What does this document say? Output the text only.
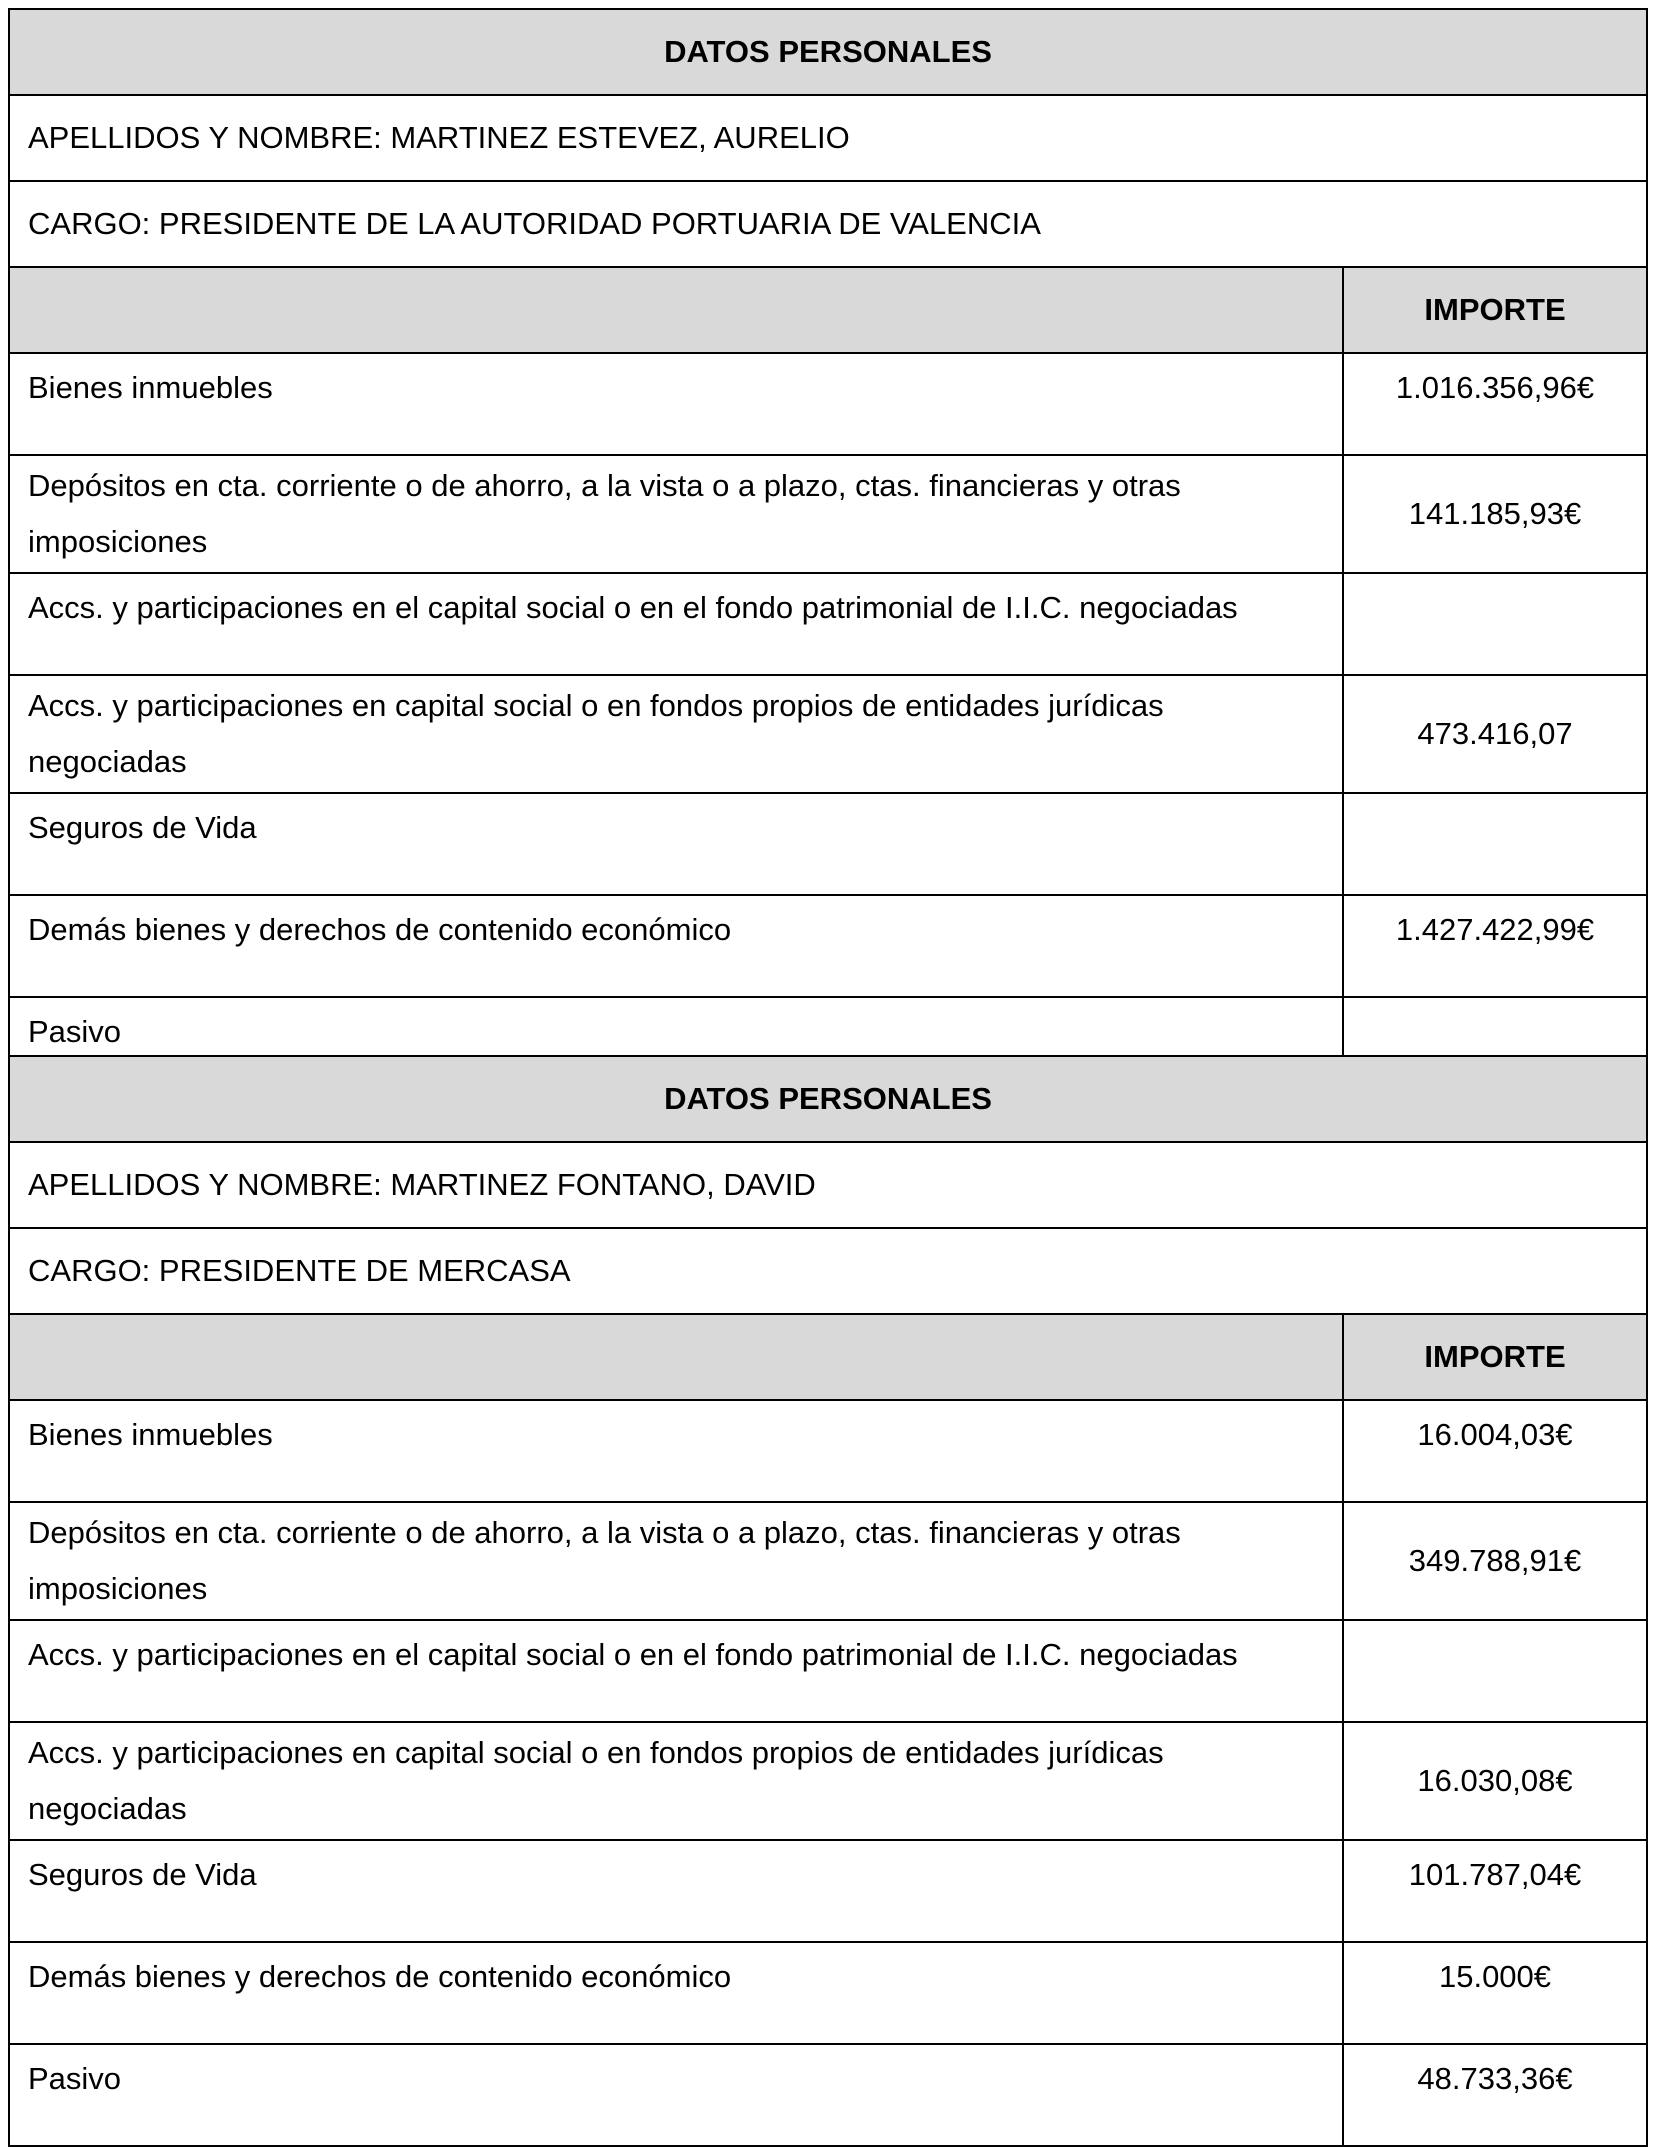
DATOS PERSONALES	
APELLIDOS Y NOMBRE: MARTINEZ ESTEVEZ, AURELIO	
CARGO: PRESIDENTE DE LA AUTORIDAD PORTUARIA DE VALENCIA	
	IMPORTE
Bienes inmuebles	1.016.356,96€
Depósitos en cta. corriente o de ahorro, a la vista o a plazo, ctas. financieras y otras imposiciones	141.185,93€
Accs. y participaciones en el capital social o en el fondo patrimonial de I.I.C. negociadas	
Accs. y participaciones en capital social o en fondos propios de entidades jurídicas negociadas	473.416,07
Seguros de Vida	
Demás bienes y derechos de contenido económico	1.427.422,99€
Pasivo	
DATOS PERSONALES	
APELLIDOS Y NOMBRE: MARTINEZ FONTANO, DAVID	
CARGO: PRESIDENTE DE MERCASA	
	IMPORTE
Bienes inmuebles	16.004,03€
Depósitos en cta. corriente o de ahorro, a la vista o a plazo, ctas. financieras y otras imposiciones	349.788,91€
Accs. y participaciones en el capital social o en el fondo patrimonial de I.I.C. negociadas	
Accs. y participaciones en capital social o en fondos propios de entidades jurídicas negociadas	16.030,08€
Seguros de Vida	101.787,04€
Demás bienes y derechos de contenido económico	15.000€
Pasivo	48.733,36€
